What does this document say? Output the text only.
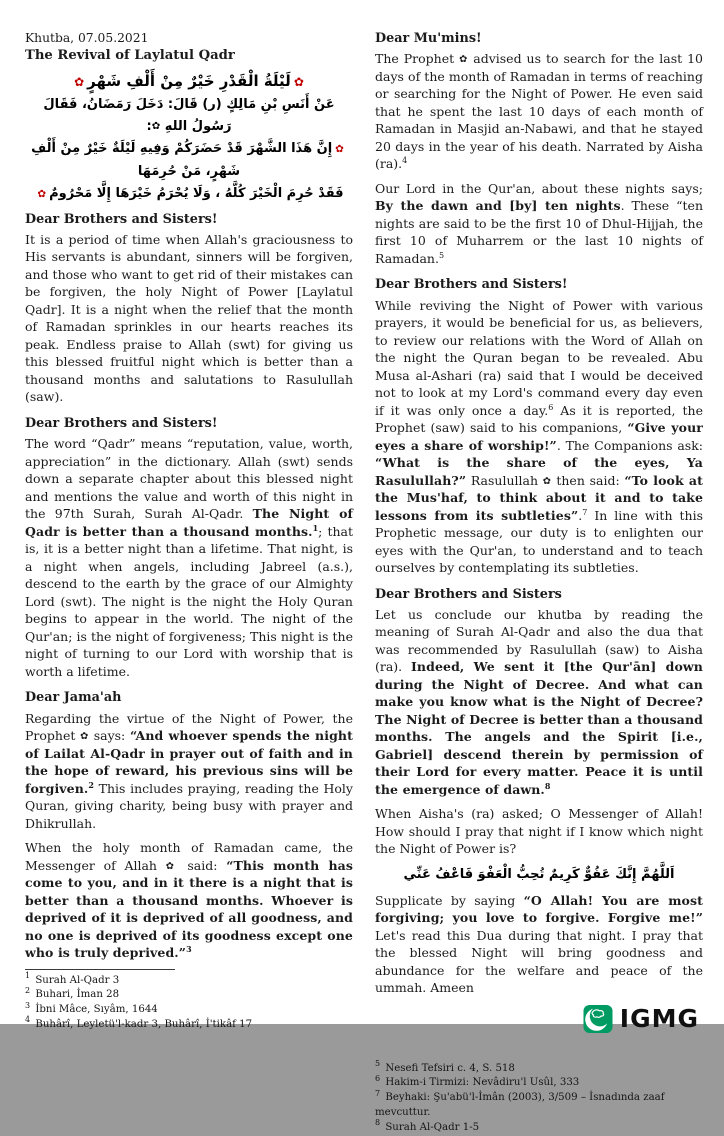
Khutba, 07.05.2021
The Revival of Laylatul Qadr
✿لَيْلَةُ الْقَدْرِ خَيْرٌ مِنْ أَلْفِ شَهْرٍ✿
عَنْ أَنَسِ بْنِ مَالِكٍ (ر) قَالَ: دَخَلَ رَمَضَانُ، فَقَالَ رَسُولُ اللهِ ✿:
✿إِنَّ هَذَا الشَّهْرَ قَدْ حَضَرَكُمْ وَفِيهِ لَيْلَةٌ خَيْرٌ مِنْ أَلْفِ شَهْرٍ، مَنْ حُرِمَهَا
فَقَدْ حُرِمَ الْخَيْرَ كُلَّهُ ، وَلَا يُحْرَمُ خَيْرَهَا إِلَّا مَحْرُومٌ✿
Dear Brothers and Sisters!

It is a period of time when Allah's graciousness to His servants is abundant, sinners will be forgiven, and those who want to get rid of their mistakes can be forgiven, the holy Night of Power [Laylatul Qadr]. It is a night when the relief that the month of Ramadan sprinkles in our hearts reaches its peak. Endless praise to Allah (swt) for giving us this blessed fruitful night which is better than a thousand months and salutations to Rasulullah (saw).

Dear Brothers and Sisters!

The word “Qadr” means “reputation, value, worth, appreciation” in the dictionary. Allah (swt) sends down a separate chapter about this blessed night and mentions the value and worth of this night in the 97th Surah, Surah Al-Qadr. The Night of Qadr is better than a thousand months.$^1$; that is, it is a better night than a lifetime. That night, is a night when angels, including Jabreel (a.s.), descend to the earth by the grace of our Almighty Lord (swt). The night is the night the Holy Quran begins to appear in the world. The night of the Qur'an; is the night of forgiveness; This night is the night of turning to our Lord with worship that is worth a lifetime.

Dear Jama'ah

Regarding the virtue of the Night of Power, the Prophet ✿ says: “And whoever spends the night of Lailat Al-Qadr in prayer out of faith and in the hope of reward, his previous sins will be forgiven.$^2$ This includes praying, reading the Holy Quran, giving charity, being busy with prayer and Dhikrullah.

When the holy month of Ramadan came, the Messenger of Allah ✿ said: “This month has come to you, and in it there is a night that is better than a thousand months. Whoever is deprived of it is deprived of all goodness, and no one is deprived of its goodness except one who is truly deprived.”$^3$

$^1$ Surah Al-Qadr 3
$^2$ Buhari, İman 28
$^3$ İbni Mâce, Sıyâm, 1644
$^4$ Buhârî, Leyletü'l-kadr 3, Buhârî, İ'tikâf 17
Dear Mu'mins!

The Prophet ✿ advised us to search for the last 10 days of the month of Ramadan in terms of reaching or searching for the Night of Power. He even said that he spent the last 10 days of each month of Ramadan in Masjid an-Nabawi, and that he stayed 20 days in the year of his death. Narrated by Aisha (ra).$^4$

Our Lord in the Qur'an, about these nights says; By the dawn and [by] ten nights. These “ten nights are said to be the first 10 of Dhul-Hijjah, the first 10 of Muharrem or the last 10 nights of Ramadan.$^5$

Dear Brothers and Sisters!

While reviving the Night of Power with various prayers, it would be beneficial for us, as believers, to review our relations with the Word of Allah on the night the Quran began to be revealed. Abu Musa al-Ashari (ra) said that I would be deceived not to look at my Lord's command every day even if it was only once a day.$^6$ As it is reported, the Prophet (saw) said to his companions, “Give your eyes a share of worship!”. The Companions ask: “What is the share of the eyes, Ya Rasulullah?” Rasulullah ✿ then said: “To look at the Mus'haf, to think about it and to take lessons from its subtleties”.$^7$ In line with this Prophetic message, our duty is to enlighten our eyes with the Qur'an, to understand and to teach ourselves by contemplating its subtleties.

Dear Brothers and Sisters

Let us conclude our khutba by reading the meaning of Surah Al-Qadr and also the dua that was recommended by Rasulullah (saw) to Aisha (ra). Indeed, We sent it [the Qur'ān] down during the Night of Decree. And what can make you know what is the Night of Decree? The Night of Decree is better than a thousand months. The angels and the Spirit [i.e., Gabriel] descend therein by permission of their Lord for every matter. Peace it is until the emergence of dawn.$^8$

When Aisha's (ra) asked; O Messenger of Allah! How should I pray that night if I know which night the Night of Power is?

اَللَّهُمَّ إِنَّكَ عَفُوٌّ كَرِيمٌ تُحِبُّ الْعَفْوَ فَاعْفُ عَنِّي

Supplicate by saying “O Allah! You are most forgiving; you love to forgive. Forgive me!” Let's read this Dua during that night. I pray that the blessed Night will bring goodness and abundance for the welfare and peace of the ummah. Ameen

IGMG
$^5$ Nesefi Tefsiri c. 4, S. 518
$^6$ Hakim-i Tirmizi: Nevâdiru'l Usûl, 333
$^7$ Beyhaki: Şu'abü'l-İmân (2003), 3/509 – İsnadında zaaf mevcuttur.
$^8$ Surah Al-Qadr 1-5
